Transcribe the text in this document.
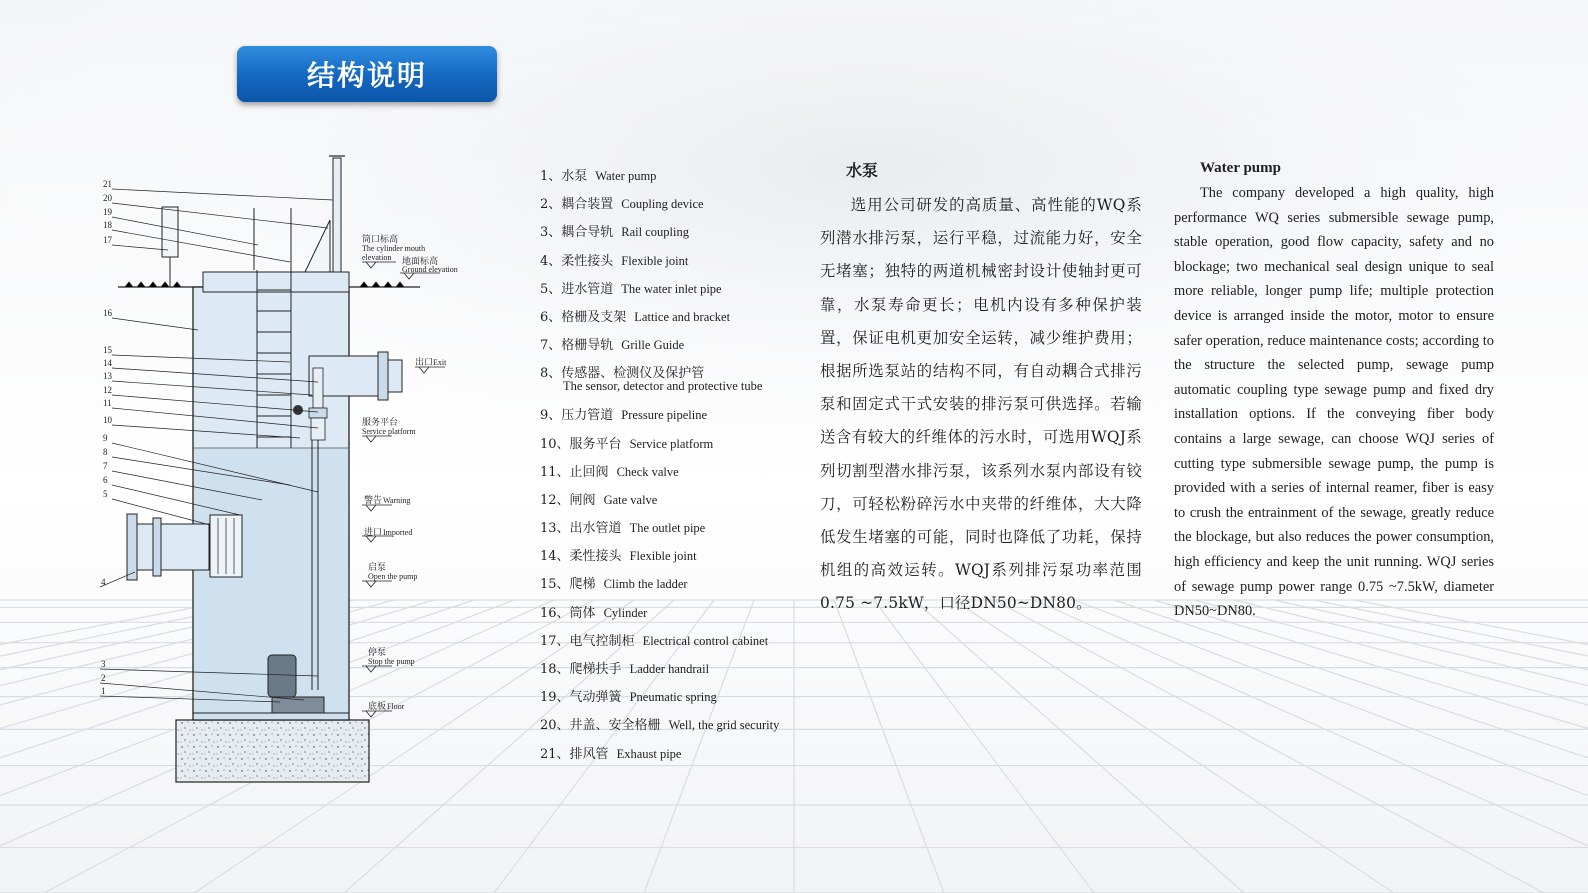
结构说明
21
20
19
18
17
16
15
14
13
12
11
10
9
8
7
6
5
4
3
2
1
筒口标高
The cylinder mouth
elevation 地面标高
Ground elevation
出口 Exit
服务平台
Service platform
警告 Warning
进口 Imported
启泵
Open the pump
停泵
Stop the pump
底板 Floor
1、水泵 Water pump
2、耦合装置 Coupling device
3、耦合导轨 Rail coupling
4、柔性接头 Flexible joint
5、进水管道 The water inlet pipe
6、格栅及支架 Lattice and bracket
7、格栅导轨 Grille Guide
8、传感器、检测仪及保护管
The sensor, detector and protective tube
9、压力管道 Pressure pipeline
10、服务平台 Service platform
11、止回阀 Check valve
12、闸阀 Gate valve
13、出水管道 The outlet pipe
14、柔性接头 Flexible joint
15、爬梯 Climb the ladder
16、筒体 Cylinder
17、电气控制柜 Electrical control cabinet
18、爬梯扶手 Ladder handrail
19、气动弹簧 Pneumatic spring
20、井盖、安全格栅 Well, the grid security
21、排风管 Exhaust pipe
水泵

选用公司研发的高质量、高性能的WQ系列潜水排污泵，运行平稳，过流能力好，安全无堵塞；独特的两道机械密封设计使轴封更可靠，水泵寿命更长；电机内设有多种保护装置，保证电机更加安全运转，减少维护费用；根据所选泵站的结构不同，有自动耦合式排污泵和固定式干式安装的排污泵可供选择。若输送含有较大的纤维体的污水时，可选用WQJ系列切割型潜水排污泵，该系列水泵内部设有铰刀，可轻松粉碎污水中夹带的纤维体，大大降低发生堵塞的可能，同时也降低了功耗，保持机组的高效运转。WQJ系列排污泵功率范围0.75 ~7.5kW，口径DN50~DN80。

Water pump

The company developed a high quality, high performance WQ series submersible sewage pump, stable operation, good flow capacity, safety and no blockage; two mechanical seal design unique to seal more reliable, longer pump life; multiple protection device is arranged inside the motor, motor to ensure safer operation, reduce maintenance costs; according to the structure the selected pump, sewage pump automatic coupling type sewage pump and fixed dry installation options. If the conveying fiber body contains a large sewage, can choose WQJ series of cutting type submersible sewage pump, the pump is provided with a series of internal reamer, fiber is easy to crush the entrainment of the sewage, greatly reduce the blockage, but also reduces the power consumption, high efficiency and keep the unit running. WQJ series of sewage pump power range 0.75 ~7.5kW, diameter DN50~DN80.
